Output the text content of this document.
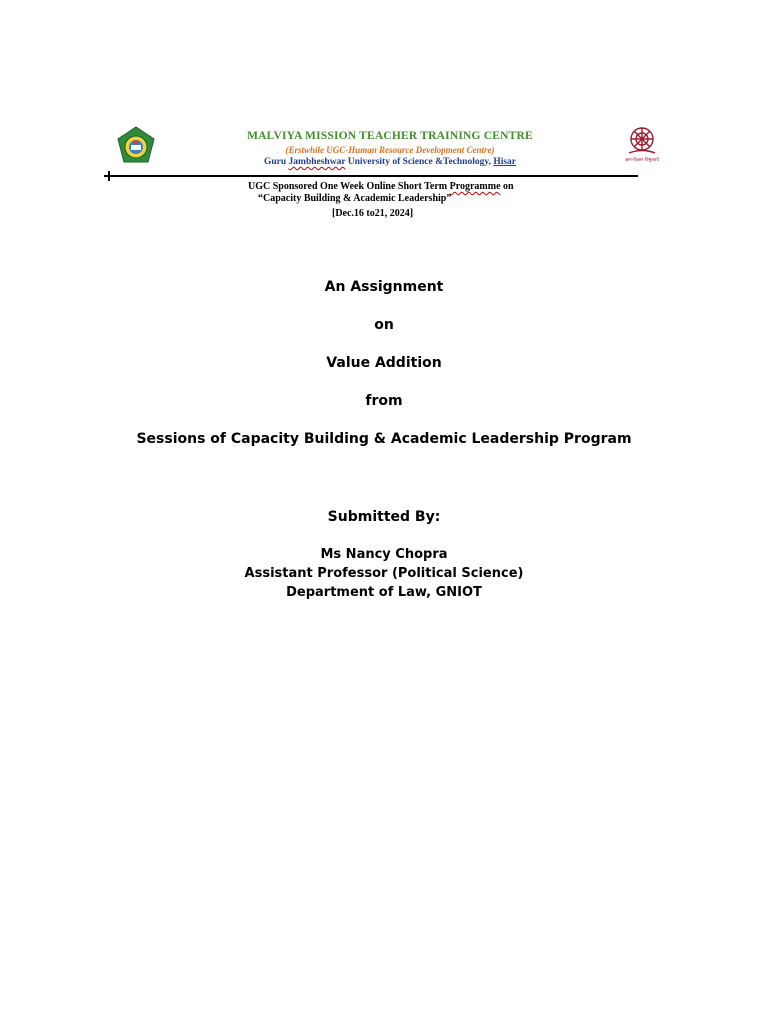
MALVIYA MISSION TEACHER TRAINING CENTRE
(Erstwhile UGC-Human Resource Development Centre)
Guru Jambheshwar University of Science &Technology, Hisar	ज्ञान-विज्ञान विमुक्तये
UGC Sponsored One Week Online Short Term Programme on
“Capacity Building & Academic Leadership”
[Dec.16 to21, 2024]
An Assignment
on
Value Addition
from
Sessions of Capacity Building & Academic Leadership Program
Submitted By:
Ms Nancy Chopra
Assistant Professor (Political Science)
Department of Law, GNIOT
